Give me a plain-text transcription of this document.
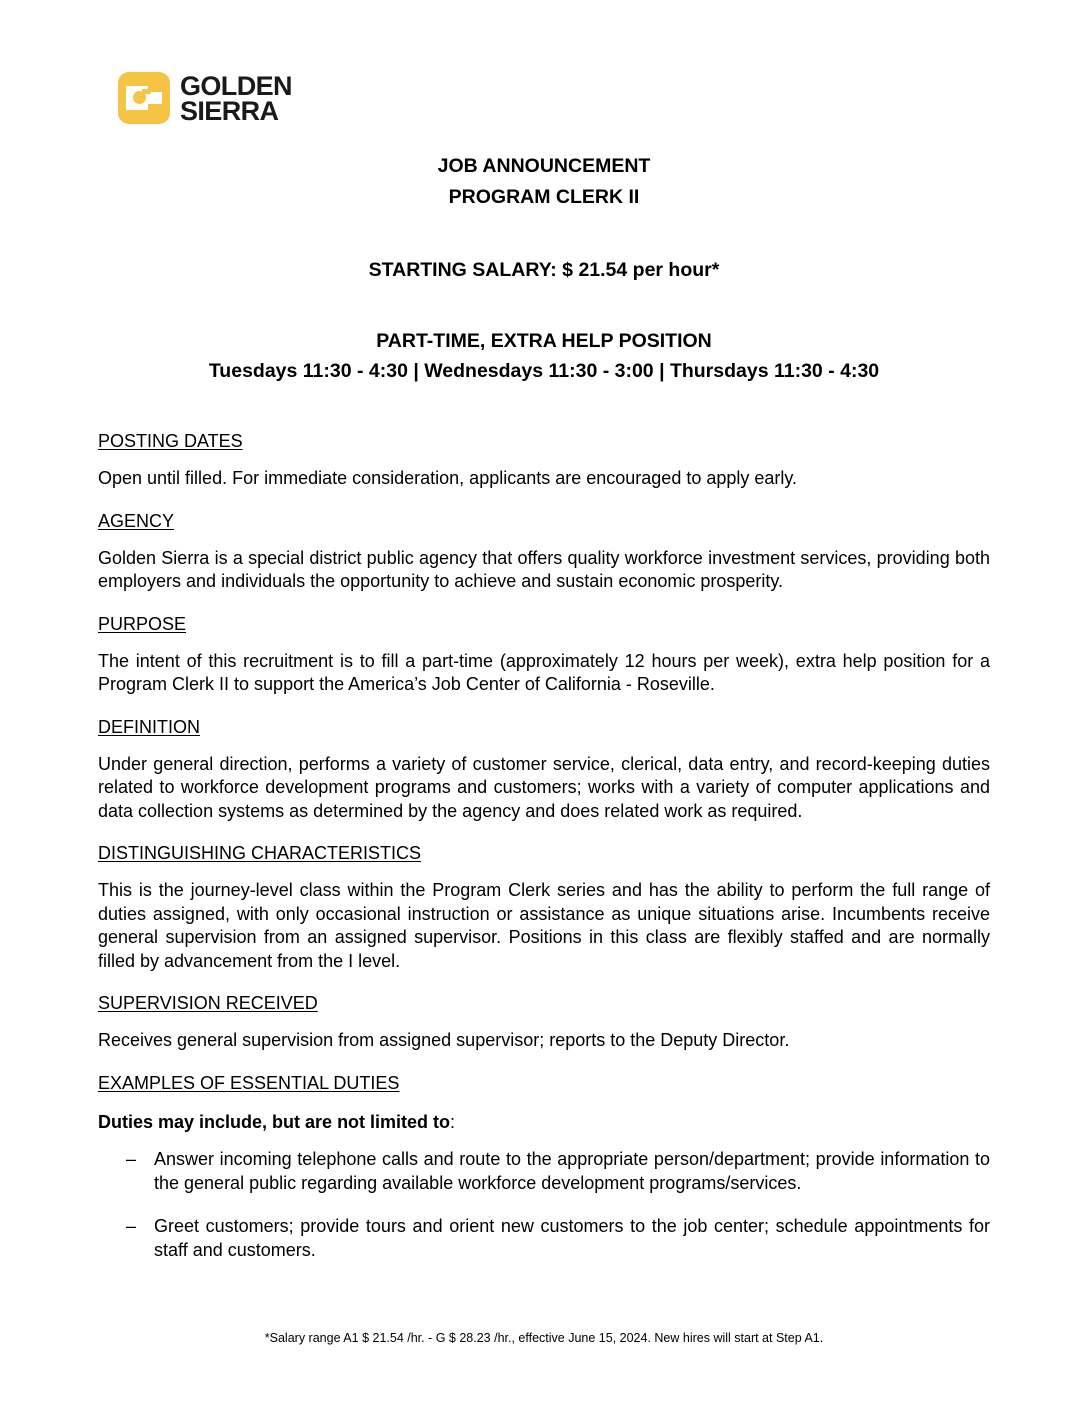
GOLDEN
SIERRA
JOB ANNOUNCEMENT
PROGRAM CLERK II
STARTING SALARY: $ 21.54 per hour*
PART-TIME, EXTRA HELP POSITION
Tuesdays 11:30 - 4:30 | Wednesdays 11:30 - 3:00 | Thursdays 11:30 - 4:30
POSTING DATES

Open until filled. For immediate consideration, applicants are encouraged to apply early.

AGENCY

Golden Sierra is a special district public agency that offers quality workforce investment services, providing both employers and individuals the opportunity to achieve and sustain economic prosperity.

PURPOSE

The intent of this recruitment is to fill a part-time (approximately 12 hours per week), extra help position for a Program Clerk II to support the America’s Job Center of California - Roseville.

DEFINITION

Under general direction, performs a variety of customer service, clerical, data entry, and record-keeping duties related to workforce development programs and customers; works with a variety of computer applications and data collection systems as determined by the agency and does related work as required.

DISTINGUISHING CHARACTERISTICS

This is the journey-level class within the Program Clerk series and has the ability to perform the full range of duties assigned, with only occasional instruction or assistance as unique situations arise. Incumbents receive general supervision from an assigned supervisor. Positions in this class are flexibly staffed and are normally filled by advancement from the I level.

SUPERVISION RECEIVED

Receives general supervision from assigned supervisor; reports to the Deputy Director.

EXAMPLES OF ESSENTIAL DUTIES

Duties may include, but are not limited to:

– Answer incoming telephone calls and route to the appropriate person/department; provide information to the general public regarding available workforce development programs/services.
– Greet customers; provide tours and orient new customers to the job center; schedule appointments for staff and customers.
*Salary range A1 $ 21.54 /hr. - G $ 28.23 /hr., effective June 15, 2024. New hires will start at Step A1.
